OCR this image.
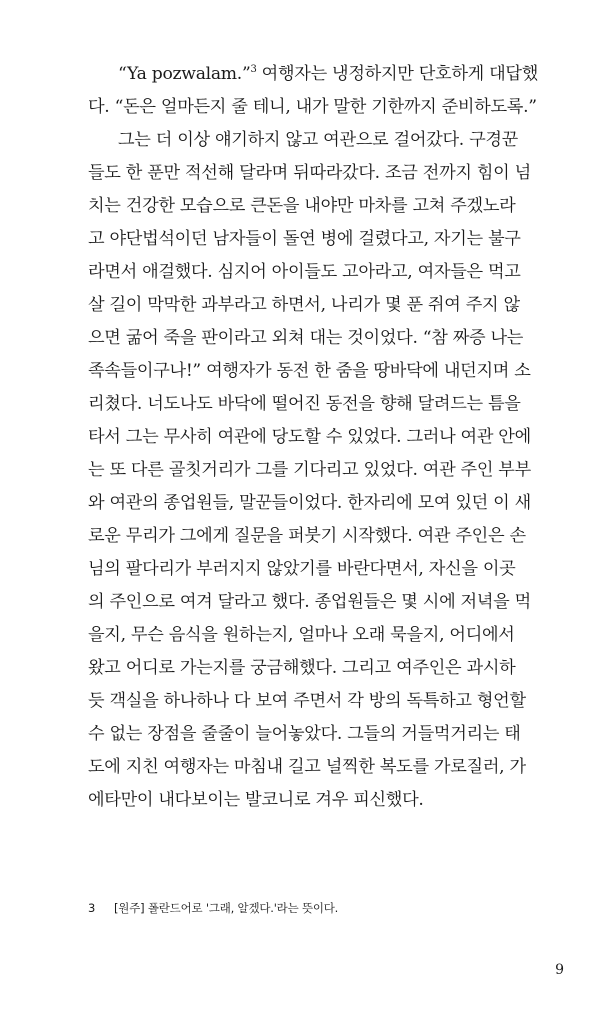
“Ya pozwalam.”$^3$ 여행자는 냉정하지만 단호하게 대답했
다. “돈은 얼마든지 줄 테니, 내가 말한 기한까지 준비하도록.”
그는 더 이상 얘기하지 않고 여관으로 걸어갔다. 구경꾼
들도 한 푼만 적선해 달라며 뒤따라갔다. 조금 전까지 힘이 넘
치는 건강한 모습으로 큰돈을 내야만 마차를 고쳐 주겠노라
고 야단법석이던 남자들이 돌연 병에 걸렸다고, 자기는 불구
라면서 애걸했다. 심지어 아이들도 고아라고, 여자들은 먹고
살 길이 막막한 과부라고 하면서, 나리가 몇 푼 쥐여 주지 않
으면 굶어 죽을 판이라고 외쳐 대는 것이었다. “참 짜증 나는
족속들이구나!” 여행자가 동전 한 줌을 땅바닥에 내던지며 소
리쳤다. 너도나도 바닥에 떨어진 동전을 향해 달려드는 틈을
타서 그는 무사히 여관에 당도할 수 있었다. 그러나 여관 안에
는 또 다른 골칫거리가 그를 기다리고 있었다. 여관 주인 부부
와 여관의 종업원들, 말꾼들이었다. 한자리에 모여 있던 이 새
로운 무리가 그에게 질문을 퍼붓기 시작했다. 여관 주인은 손
님의 팔다리가 부러지지 않았기를 바란다면서, 자신을 이곳
의 주인으로 여겨 달라고 했다. 종업원들은 몇 시에 저녁을 먹
을지, 무슨 음식을 원하는지, 얼마나 오래 묵을지, 어디에서
왔고 어디로 가는지를 궁금해했다. 그리고 여주인은 과시하
듯 객실을 하나하나 다 보여 주면서 각 방의 독특하고 형언할
수 없는 장점을 줄줄이 늘어놓았다. 그들의 거들먹거리는 태
도에 지친 여행자는 마침내 길고 널찍한 복도를 가로질러, 가
에타만이 내다보이는 발코니로 겨우 피신했다.
3 [원주] 폴란드어로 '그래, 알겠다.'라는 뜻이다.
9
